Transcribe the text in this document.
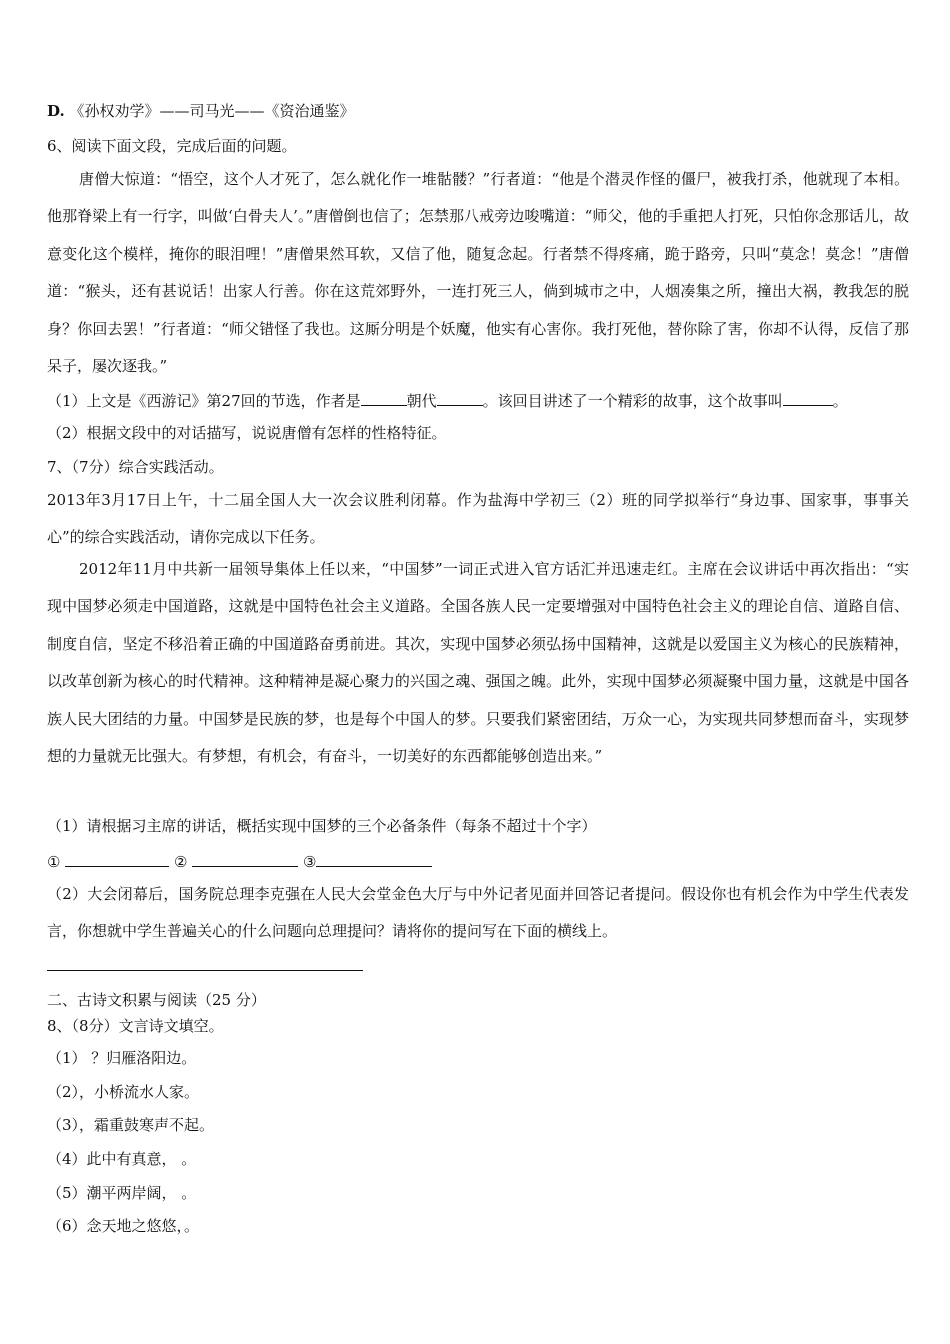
D. 《孙权劝学》——司马光——《资治通鉴》
6、阅读下面文段，完成后面的问题。
唐僧大惊道：“悟空，这个人才死了，怎么就化作一堆骷髅？”行者道：“他是个潜灵作怪的僵尸，被我打杀，他就现了本相。他那脊梁上有一行字，叫做‘白骨夫人’。”唐僧倒也信了；怎禁那八戒旁边唆嘴道：“师父，他的手重把人打死，只怕你念那话儿，故意变化这个模样，掩你的眼泪哩！”唐僧果然耳软，又信了他，随复念起。行者禁不得疼痛，跪于路旁，只叫“莫念！莫念！”唐僧道：“猴头，还有甚说话！出家人行善。你在这荒郊野外，一连打死三人，倘到城市之中，人烟凑集之所，撞出大祸，教我怎的脱身？你回去罢！”行者道：“师父错怪了我也。这厮分明是个妖魔，他实有心害你。我打死他，替你除了害，你却不认得，反信了那呆子，屡次逐我。”
（1）上文是《西游记》第27回的节选，作者是	朝代	。该回目讲述了一个精彩的故事，这个故事叫	。
（2）根据文段中的对话描写，说说唐僧有怎样的性格特征。
7、（7分）综合实践活动。
2013年3月17日上午，十二届全国人大一次会议胜利闭幕。作为盐海中学初三（2）班的同学拟举行“身边事、国家事，事事关心”的综合实践活动，请你完成以下任务。
2012年11月中共新一届领导集体上任以来，“中国梦”一词正式进入官方话汇并迅速走红。主席在会议讲话中再次指出：“实现中国梦必须走中国道路，这就是中国特色社会主义道路。全国各族人民一定要增强对中国特色社会主义的理论自信、道路自信、制度自信，坚定不移沿着正确的中国道路奋勇前进。其次，实现中国梦必须弘扬中国精神，这就是以爱国主义为核心的民族精神，以改革创新为核心的时代精神。这种精神是凝心聚力的兴国之魂、强国之魄。此外，实现中国梦必须凝聚中国力量，这就是中国各族人民大团结的力量。中国梦是民族的梦，也是每个中国人的梦。只要我们紧密团结，万众一心，为实现共同梦想而奋斗，实现梦想的力量就无比强大。有梦想，有机会，有奋斗，一切美好的东西都能够创造出来。”
（1）请根据习主席的讲话，概括实现中国梦的三个必备条件（每条不超过十个字）
①	②	③
（2）大会闭幕后，国务院总理李克强在人民大会堂金色大厅与中外记者见面并回答记者提问。假设你也有机会作为中学生代表发言，你想就中学生普遍关心的什么问题向总理提问？请将你的提问写在下面的横线上。
二、古诗文积累与阅读（25 分）
8、（8分）文言诗文填空。
（1） ？归雁洛阳边。
（2），小桥流水人家。
（3），霜重鼓寒声不起。
（4）此中有真意， 。
（5）潮平两岸阔， 。
（6）念天地之悠悠，。
